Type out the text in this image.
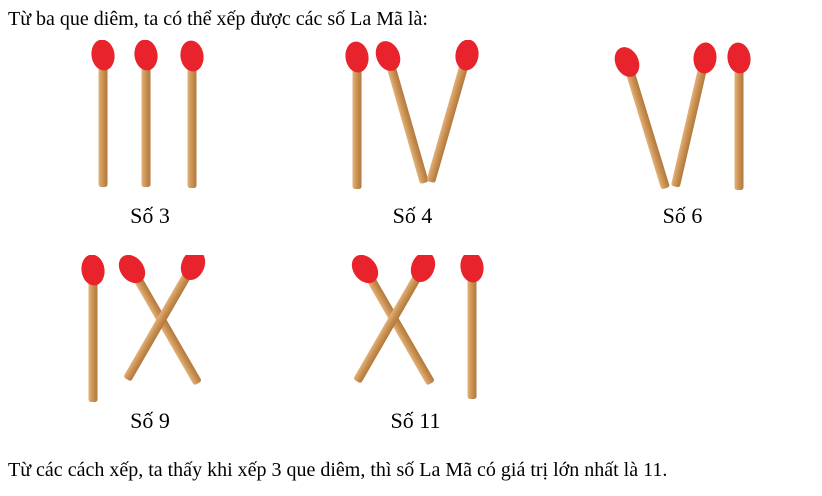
Từ ba que diêm, ta có thể xếp được các số La Mã là:

Số 3	Số 4	Số 6
Số 9	Số 11

Từ các cách xếp, ta thấy khi xếp 3 que diêm, thì số La Mã có giá trị lớn nhất là 11.
